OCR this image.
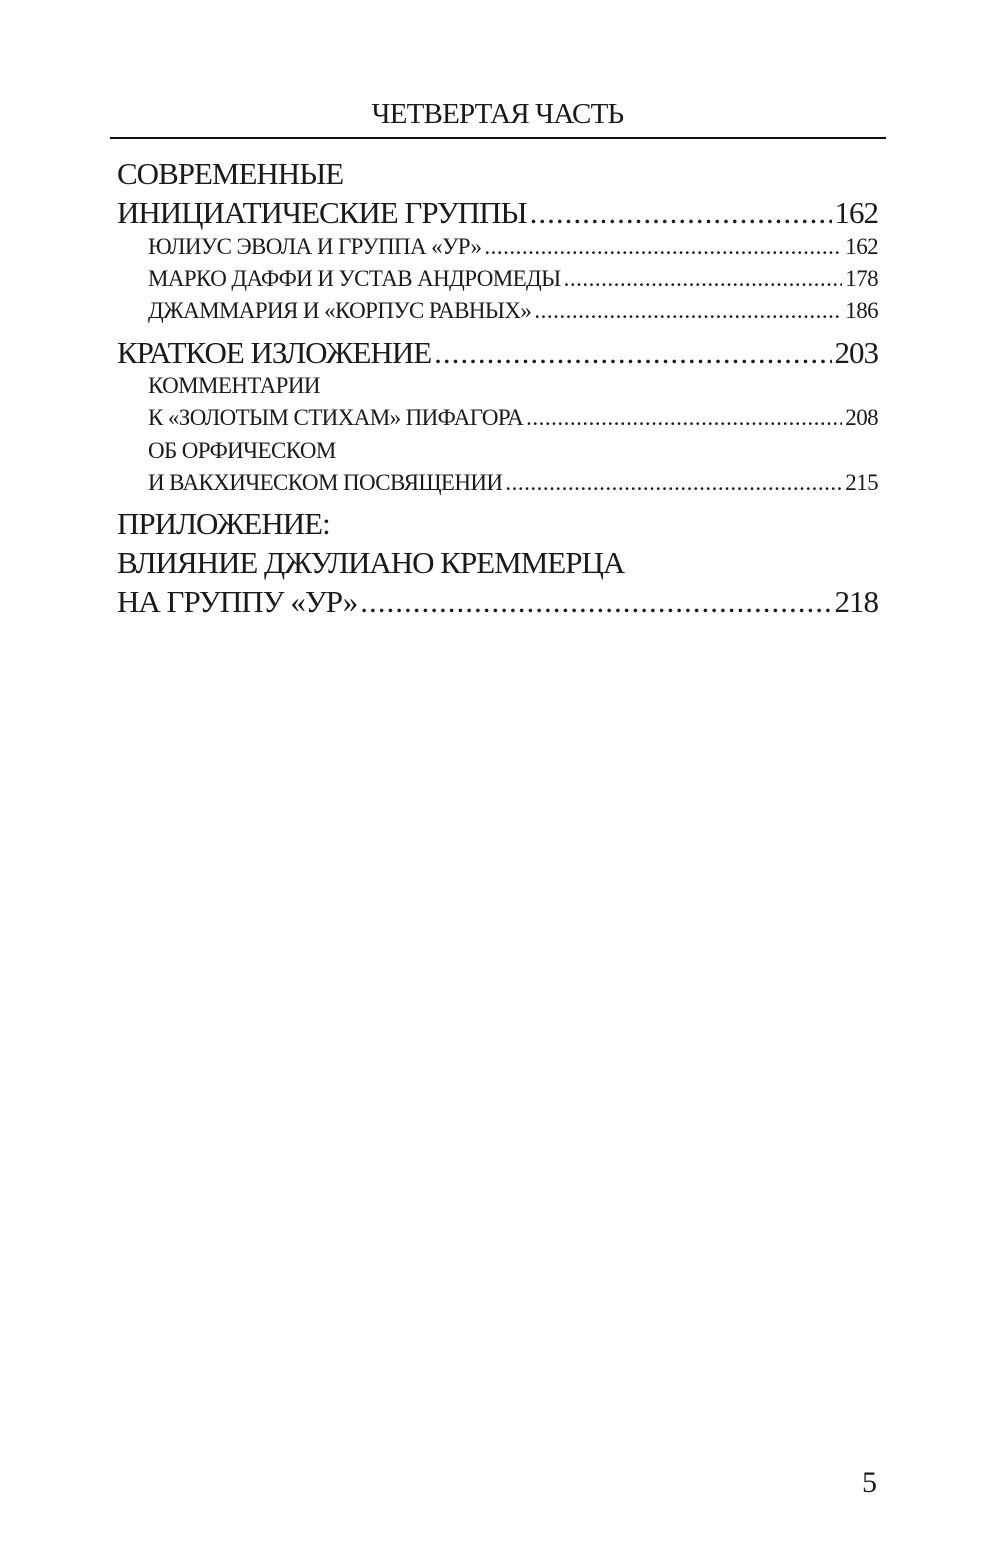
ЧЕТВЕРТАЯ ЧАСТЬ
СОВРЕМЕННЫЕ
ИНИЦИАТИЧЕСКИЕ ГРУППЫ .....	162
ЮЛИУС ЭВОЛА И ГРУППА «УР» .....	162
МАРКО ДАФФИ И УСТАВ АНДРОМЕДЫ .....	178
ДЖАММАРИЯ И «КОРПУС РАВНЫХ» .....	186
КРАТКОЕ ИЗЛОЖЕНИЕ .....	203
КОММЕНТАРИИ
К «ЗОЛОТЫМ СТИХАМ» ПИФАГОРА .....	208
ОБ ОРФИЧЕСКОМ
И ВАКХИЧЕСКОМ ПОСВЯЩЕНИИ .....	215
ПРИЛОЖЕНИЕ:
ВЛИЯНИЕ ДЖУЛИАНО КРЕММЕРЦА
НА ГРУППУ «УР» .....	218
5
